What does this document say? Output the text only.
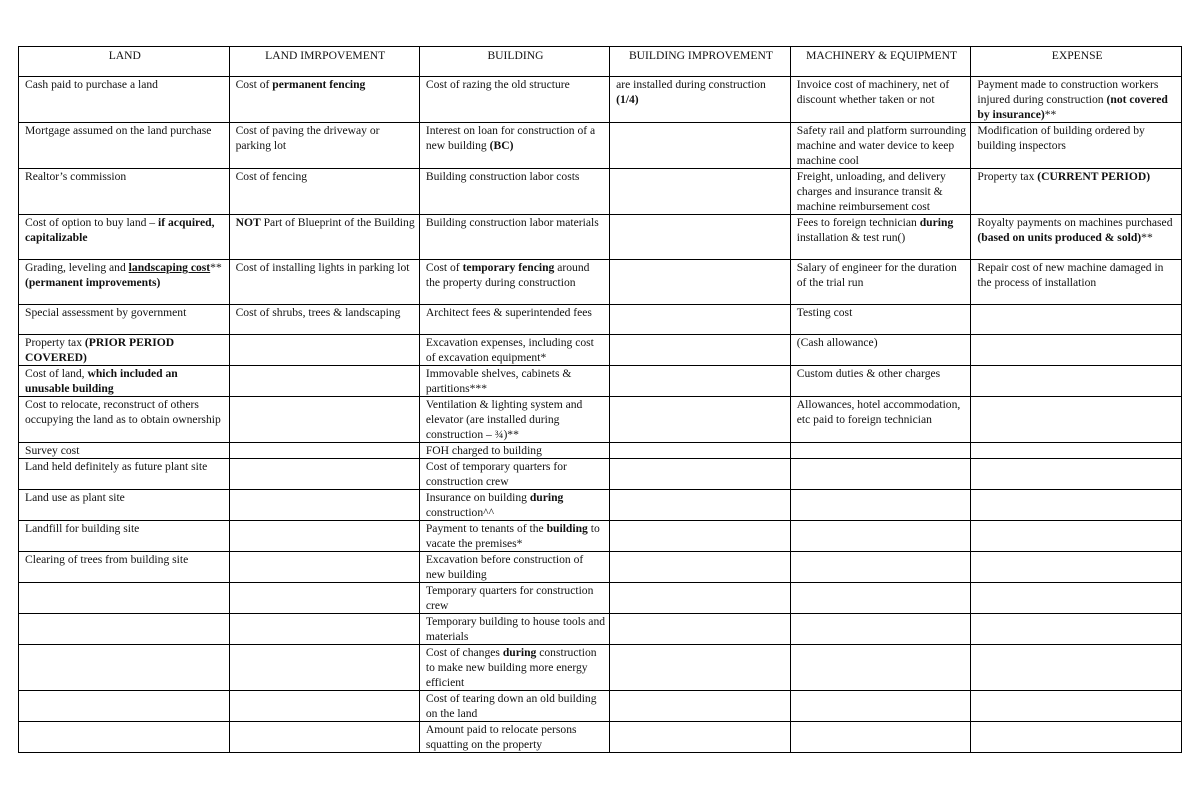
LAND	LAND IMRPOVEMENT	BUILDING	BUILDING IMPROVEMENT	MACHINERY & EQUIPMENT	EXPENSE
Cash paid to purchase a land	Cost of permanent fencing	Cost of razing the old structure	are installed during construction (1/4)	Invoice cost of machinery, net of discount whether taken or not	Payment made to construction workers injured during construction (not covered by insurance)**
Mortgage assumed on the land purchase	Cost of paving the driveway or parking lot	Interest on loan for construction of a new building (BC)		Safety rail and platform surrounding machine and water device to keep machine cool	Modification of building ordered by building inspectors
Realtor’s commission	Cost of fencing	Building construction labor costs		Freight, unloading, and delivery charges and insurance transit & machine reimbursement cost	Property tax (CURRENT PERIOD)
Cost of option to buy land – if acquired, capitalizable	NOT Part of Blueprint of the Building	Building construction labor materials		Fees to foreign technician during installation & test run()	Royalty payments on machines purchased (based on units produced & sold)**
Grading, leveling and landscaping cost** (permanent improvements)	Cost of installing lights in parking lot	Cost of temporary fencing around the property during construction		Salary of engineer for the duration of the trial run	Repair cost of new machine damaged in the process of installation
Special assessment by government	Cost of shrubs, trees & landscaping	Architect fees & superintended fees		Testing cost	
Property tax (PRIOR PERIOD COVERED)		Excavation expenses, including cost of excavation equipment*		(Cash allowance)	
Cost of land, which included an unusable building		Immovable shelves, cabinets & partitions***		Custom duties & other charges	
Cost to relocate, reconstruct of others occupying the land as to obtain ownership		Ventilation & lighting system and elevator (are installed during construction – ¾)**		Allowances, hotel accommodation, etc paid to foreign technician	
Survey cost		FOH charged to building			
Land held definitely as future plant site		Cost of temporary quarters for construction crew			
Land use as plant site		Insurance on building during construction^^			
Landfill for building site		Payment to tenants of the building to vacate the premises*			
Clearing of trees from building site		Excavation before construction of new building			
		Temporary quarters for construction crew			
		Temporary building to house tools and materials			
		Cost of changes during construction to make new building more energy efficient			
		Cost of tearing down an old building on the land			
		Amount paid to relocate persons squatting on the property			
